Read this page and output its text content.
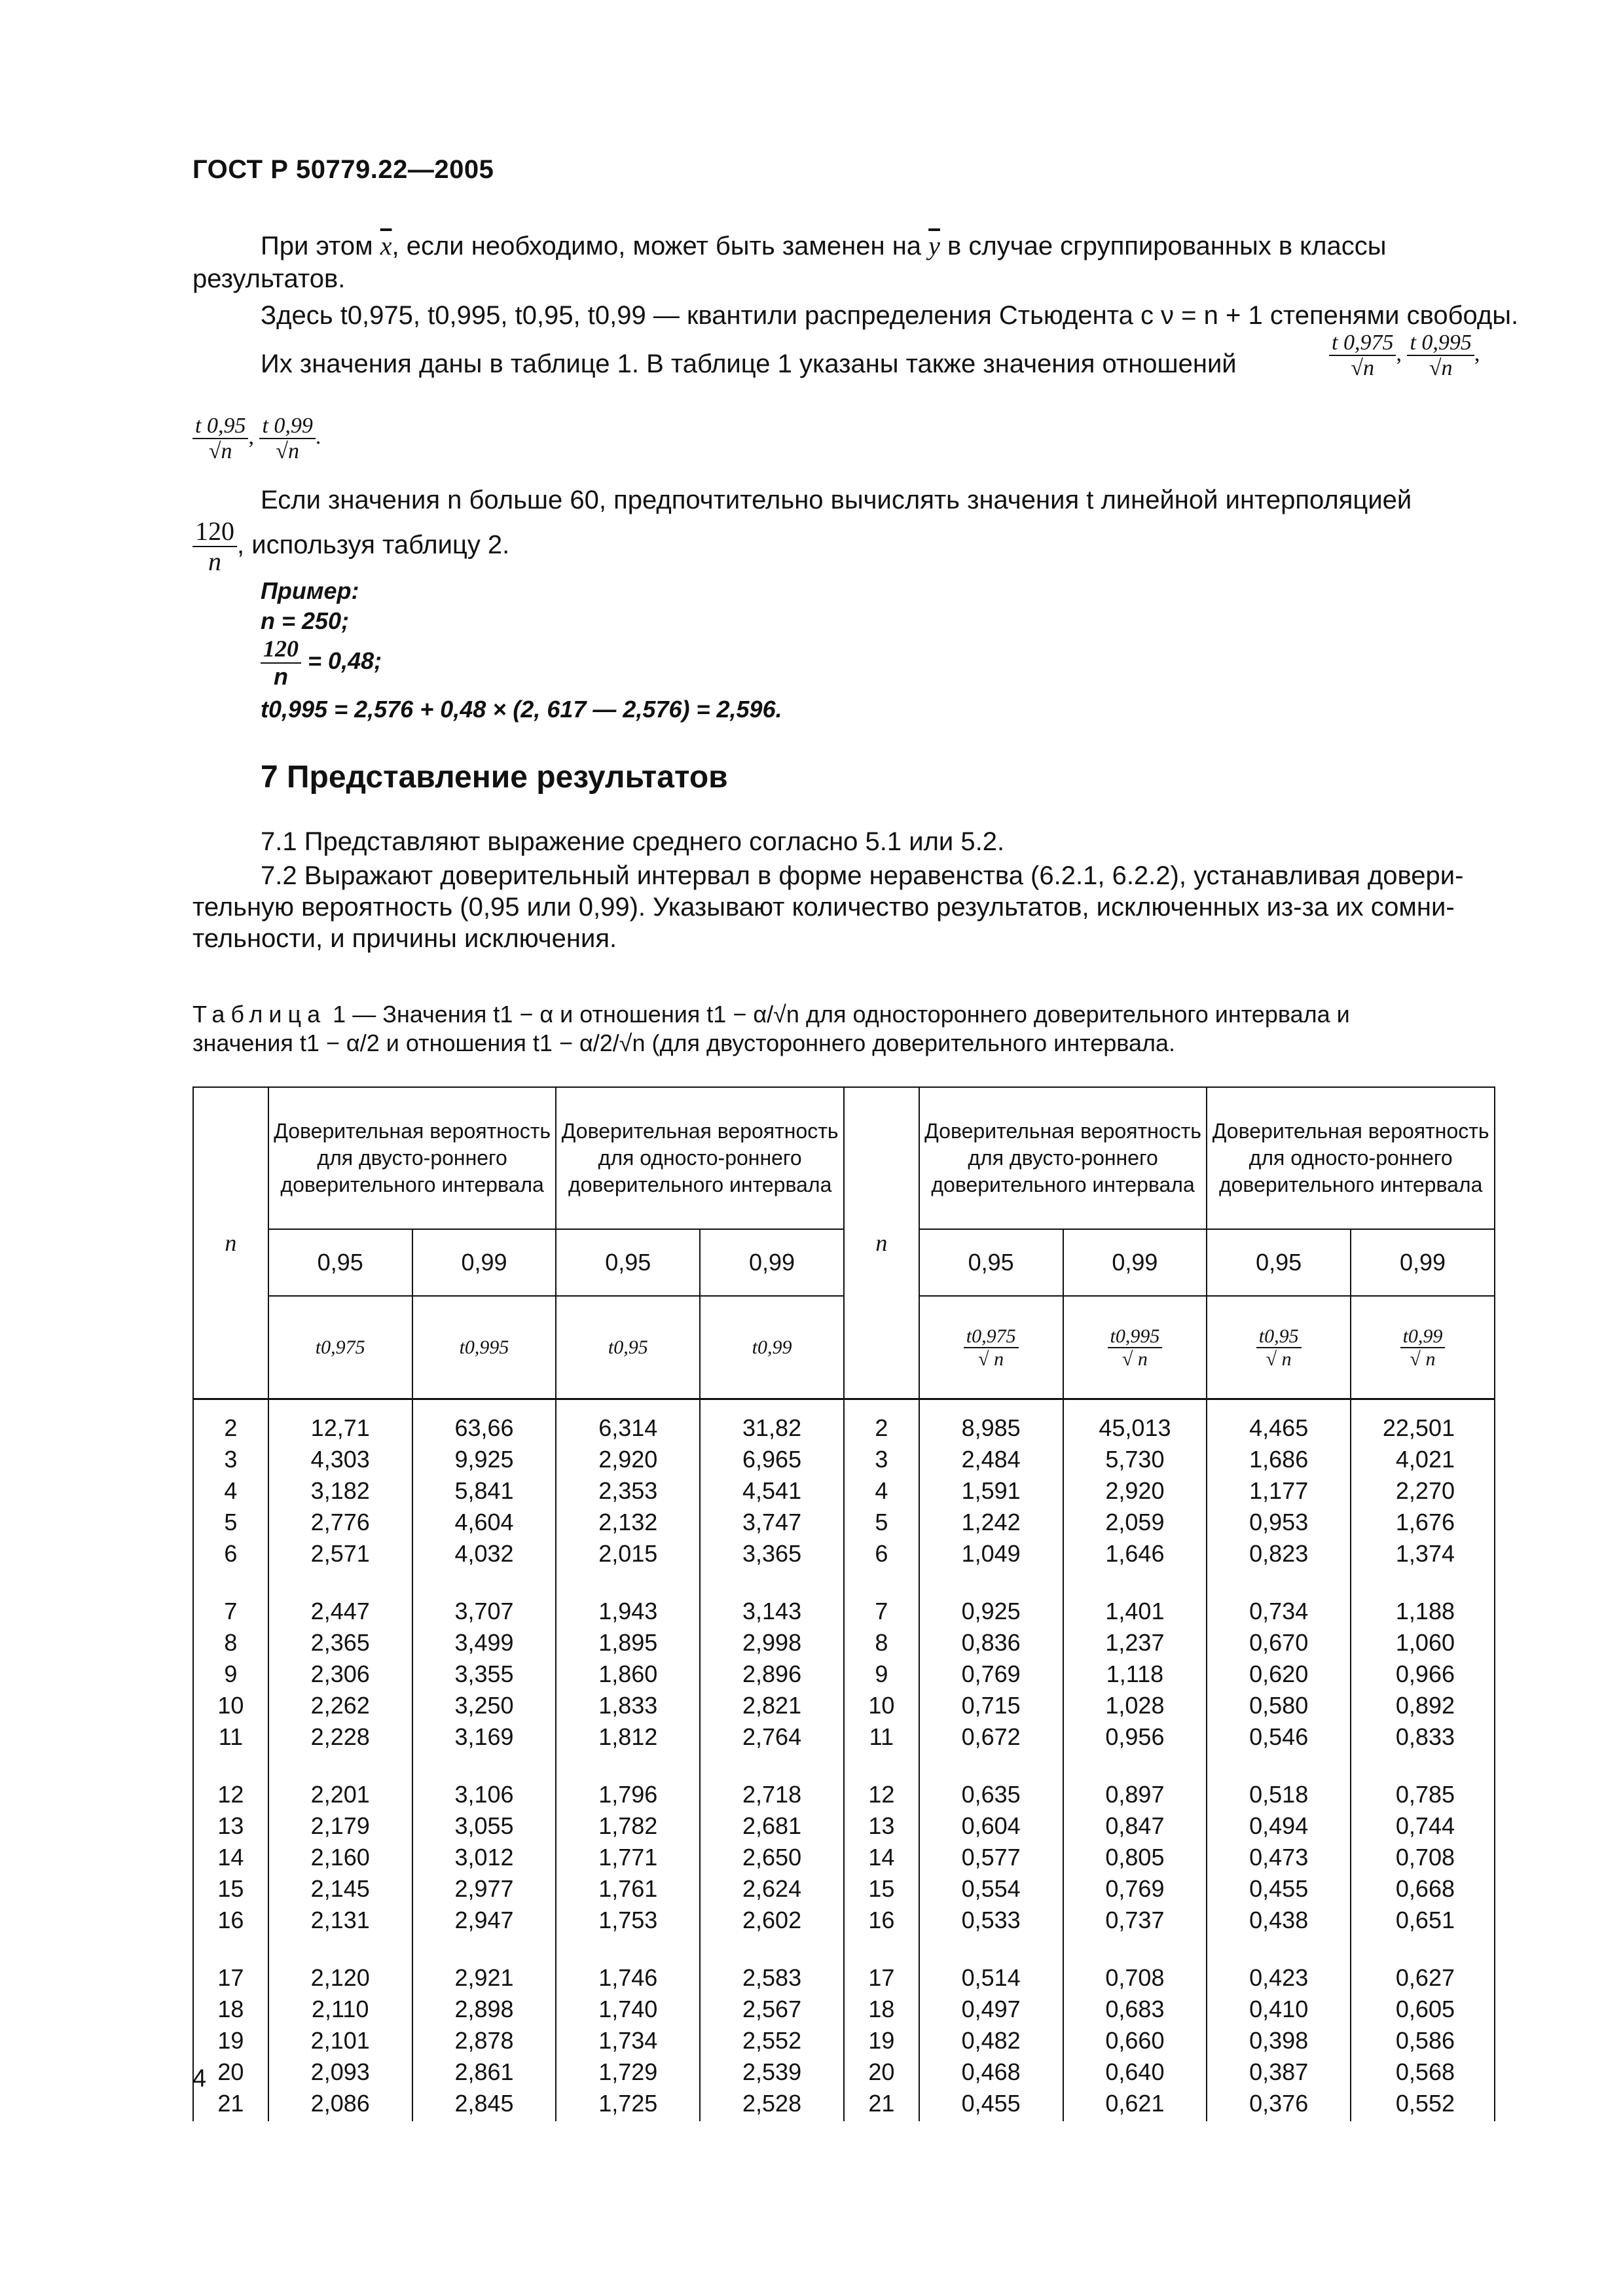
ГОСТ Р 50779.22—2005
При этом $\overline{x}$, если необходимо, может быть заменен на $\overline{y}$ в случае сгруппированных в классы
результатов.
Здесь t0,975, t0,995, t0,95, t0,99 — квантили распределения Стьюдента с ν = n + 1 степенями свободы.
Их значения даны в таблице 1. В таблице 1 указаны также значения отношений	$\frac{t 0,975}{√n}$ , $\frac{t 0,995}{√n}$ ,
$\frac{t 0,95}{√n}$ , $\frac{t 0,99}{√n}$ .
Если значения n больше 60, предпочтительно вычислять значения t линейной интерполяцией
$\frac{120}{n}$ , используя таблицу 2.
Пример:
n = 250;
$\frac{120}{n} = 0,48$;
t0,995 = 2,576 + 0,48 × (2, 617 — 2,576) = 2,596.
7 Представление результатов
7.1 Представляют выражение среднего согласно 5.1 или 5.2.
7.2 Выражают доверительный интервал в форме неравенства (6.2.1, 6.2.2), устанавливая довери-
тельную вероятность (0,95 или 0,99). Указывают количество результатов, исключенных из-за их сомни-
тельности, и причины исключения.
Таблица 1 — Значения t1 − α и отношения t1 − α/√n для одностороннего доверительного интервала и
значения t1 − α/2 и отношения t1 − α/2/√n (для двустороннего доверительного интервала.
n	Доверительная вероятность для двусто-роннего доверительного интервала		Доверительная вероятность для односто-роннего доверительного интервала		n	Доверительная вероятность для двусто-роннего доверительного интервала		Доверительная вероятность для односто-роннего доверительного интервала	
	0,95	0,99	0,95	0,99		0,95	0,99	0,95	0,99
	t0,975	t0,995	t0,95	t0,99		$\frac{t0,975}{√ n}$	$\frac{t0,995}{√ n}$	$\frac{t0,95}{√ n}$	$\frac{t0,99}{√ n}$

2	12,71	63,66	6,314	31,82	2	8,985	45,013	4,465	22,501
3	4,303	9,925	2,920	6,965	3	2,484	5,730	1,686	4,021
4	3,182	5,841	2,353	4,541	4	1,591	2,920	1,177	2,270
5	2,776	4,604	2,132	3,747	5	1,242	2,059	0,953	1,676
6	2,571	4,032	2,015	3,365	6	1,049	1,646	0,823	1,374

7	2,447	3,707	1,943	3,143	7	0,925	1,401	0,734	1,188
8	2,365	3,499	1,895	2,998	8	0,836	1,237	0,670	1,060
9	2,306	3,355	1,860	2,896	9	0,769	1,118	0,620	0,966
10	2,262	3,250	1,833	2,821	10	0,715	1,028	0,580	0,892
11	2,228	3,169	1,812	2,764	11	0,672	0,956	0,546	0,833

12	2,201	3,106	1,796	2,718	12	0,635	0,897	0,518	0,785
13	2,179	3,055	1,782	2,681	13	0,604	0,847	0,494	0,744
14	2,160	3,012	1,771	2,650	14	0,577	0,805	0,473	0,708
15	2,145	2,977	1,761	2,624	15	0,554	0,769	0,455	0,668
16	2,131	2,947	1,753	2,602	16	0,533	0,737	0,438	0,651

17	2,120	2,921	1,746	2,583	17	0,514	0,708	0,423	0,627
18	2,110	2,898	1,740	2,567	18	0,497	0,683	0,410	0,605
19	2,101	2,878	1,734	2,552	19	0,482	0,660	0,398	0,586
20	2,093	2,861	1,729	2,539	20	0,468	0,640	0,387	0,568
21	2,086	2,845	1,725	2,528	21	0,455	0,621	0,376	0,552
4
